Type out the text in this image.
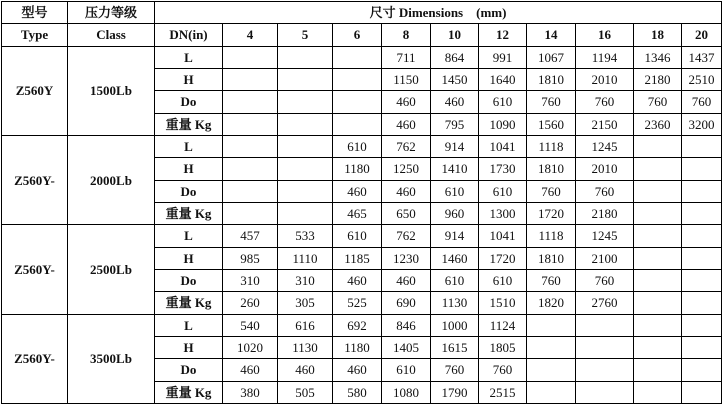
型号	压力等级	尺寸 Dimensions　(mm)										
Type	Class	DN(in)	4	5	6	8	10	12	14	16	18	20
Z560Y	1500Lb	L				711	864	991	1067	1194	1346	1437
		H				1150	1450	1640	1810	2010	2180	2510
		Do				460	460	610	760	760	760	760
		重量 Kg				460	795	1090	1560	2150	2360	3200
Z560Y-	2000Lb	L			610	762	914	1041	1118	1245		
		H			1180	1250	1410	1730	1810	2010		
		Do			460	460	610	610	760	760		
		重量 Kg			465	650	960	1300	1720	2180		
Z560Y-	2500Lb	L	457	533	610	762	914	1041	1118	1245		
		H	985	1110	1185	1230	1460	1720	1810	2100		
		Do	310	310	460	460	610	610	760	760		
		重量 Kg	260	305	525	690	1130	1510	1820	2760		
Z560Y-	3500Lb	L	540	616	692	846	1000	1124				
		H	1020	1130	1180	1405	1615	1805				
		Do	460	460	460	610	760	760				
		重量 Kg	380	505	580	1080	1790	2515				
